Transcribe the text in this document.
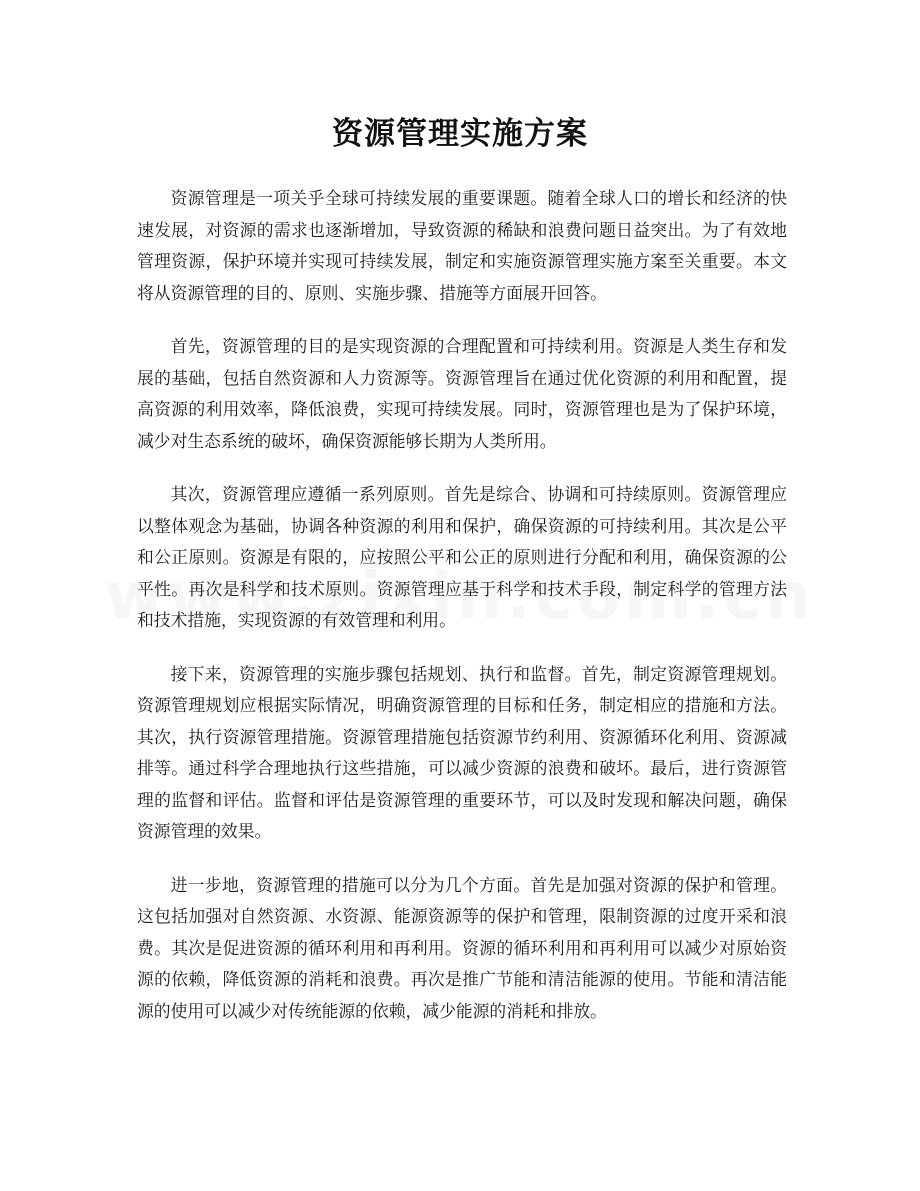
资源管理实施方案

资源管理是一项关乎全球可持续发展的重要课题。随着全球人口的增长和经济的快速发展，对资源的需求也逐渐增加，导致资源的稀缺和浪费问题日益突出。为了有效地管理资源，保护环境并实现可持续发展，制定和实施资源管理实施方案至关重要。本文将从资源管理的目的、原则、实施步骤、措施等方面展开回答。

首先，资源管理的目的是实现资源的合理配置和可持续利用。资源是人类生存和发展的基础，包括自然资源和人力资源等。资源管理旨在通过优化资源的利用和配置，提高资源的利用效率，降低浪费，实现可持续发展。同时，资源管理也是为了保护环境，减少对生态系统的破坏，确保资源能够长期为人类所用。

其次，资源管理应遵循一系列原则。首先是综合、协调和可持续原则。资源管理应以整体观念为基础，协调各种资源的利用和保护，确保资源的可持续利用。其次是公平和公正原则。资源是有限的，应按照公平和公正的原则进行分配和利用，确保资源的公平性。再次是科学和技术原则。资源管理应基于科学和技术手段，制定科学的管理方法和技术措施，实现资源的有效管理和利用。

接下来，资源管理的实施步骤包括规划、执行和监督。首先，制定资源管理规划。资源管理规划应根据实际情况，明确资源管理的目标和任务，制定相应的措施和方法。其次，执行资源管理措施。资源管理措施包括资源节约利用、资源循环化利用、资源减排等。通过科学合理地执行这些措施，可以减少资源的浪费和破坏。最后，进行资源管理的监督和评估。监督和评估是资源管理的重要环节，可以及时发现和解决问题，确保资源管理的效果。

进一步地，资源管理的措施可以分为几个方面。首先是加强对资源的保护和管理。这包括加强对自然资源、水资源、能源资源等的保护和管理，限制资源的过度开采和浪费。其次是促进资源的循环利用和再利用。资源的循环利用和再利用可以减少对原始资源的依赖，降低资源的消耗和浪费。再次是推广节能和清洁能源的使用。节能和清洁能源的使用可以减少对传统能源的依赖，减少能源的消耗和排放。
